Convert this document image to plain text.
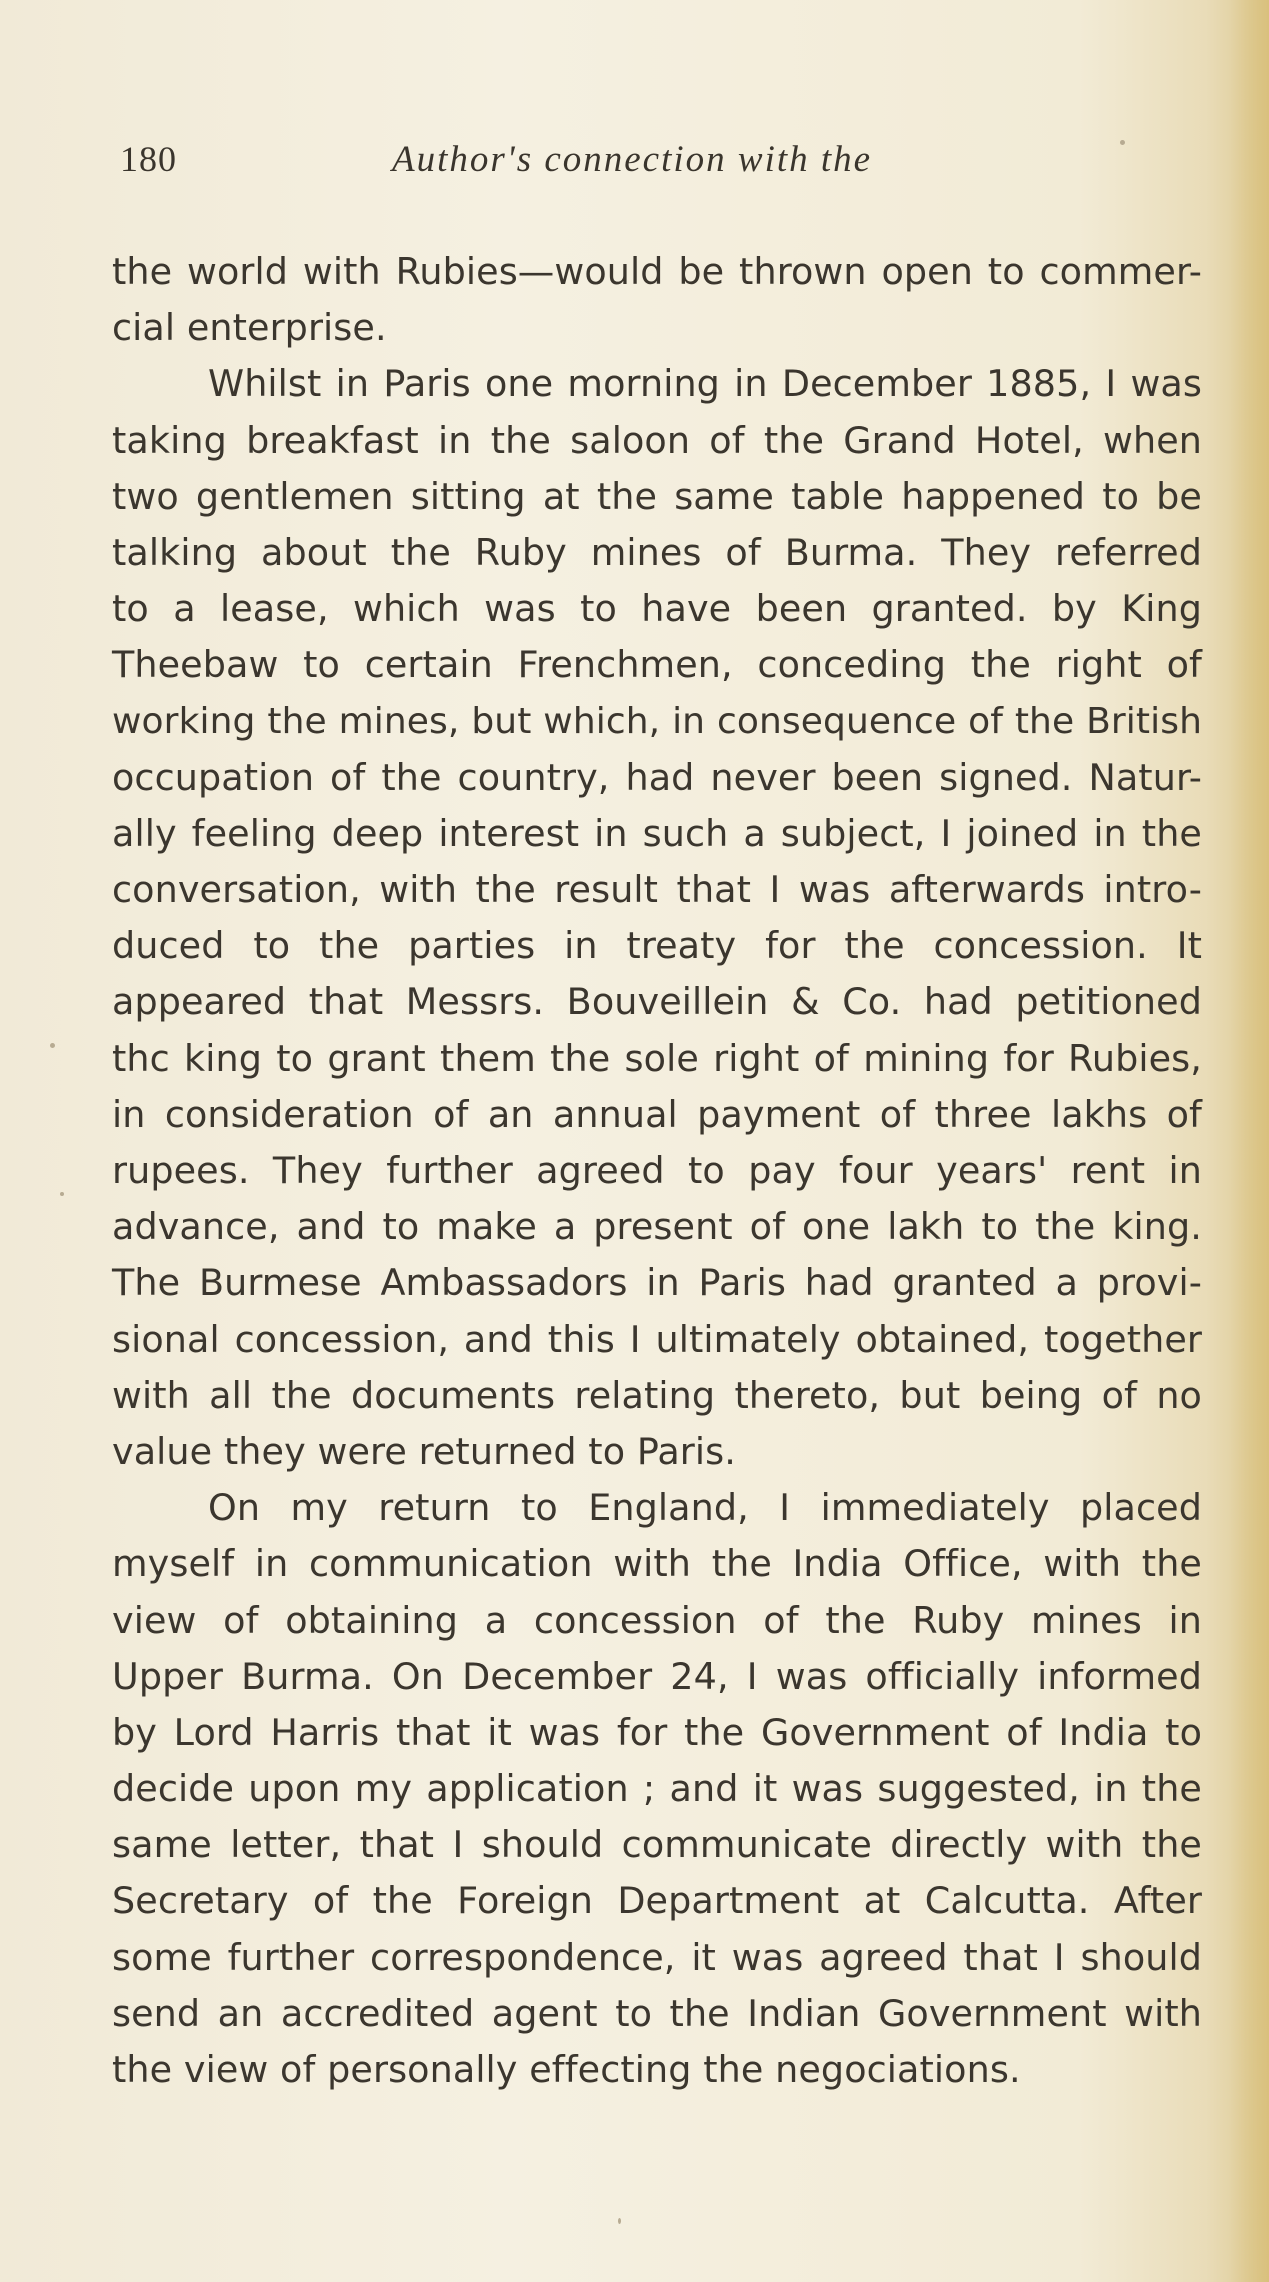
180	Author's connection with the
the world with Rubies—would be thrown open to commer-
cial enterprise.
Whilst in Paris one morning in December 1885, I was
taking breakfast in the saloon of the Grand Hotel, when
two gentlemen sitting at the same table happened to be
talking about the Ruby mines of Burma. They referred
to a lease, which was to have been granted. by King
Theebaw to certain Frenchmen, conceding the right of
working the mines, but which, in consequence of the British
occupation of the country, had never been signed. Natur-
ally feeling deep interest in such a subject, I joined in the
conversation, with the result that I was afterwards intro-
duced to the parties in treaty for the concession. It
appeared that Messrs. Bouveillein & Co. had petitioned
thc king to grant them the sole right of mining for Rubies,
in consideration of an annual payment of three lakhs of
rupees. They further agreed to pay four years' rent in
advance, and to make a present of one lakh to the king.
The Burmese Ambassadors in Paris had granted a provi-
sional concession, and this I ultimately obtained, together
with all the documents relating thereto, but being of no
value they were returned to Paris.
On my return to England, I immediately placed
myself in communication with the India Office, with the
view of obtaining a concession of the Ruby mines in
Upper Burma. On December 24, I was officially informed
by Lord Harris that it was for the Government of India to
decide upon my application ; and it was suggested, in the
same letter, that I should communicate directly with the
Secretary of the Foreign Department at Calcutta. After
some further correspondence, it was agreed that I should
send an accredited agent to the Indian Government with
the view of personally effecting the negociations.
